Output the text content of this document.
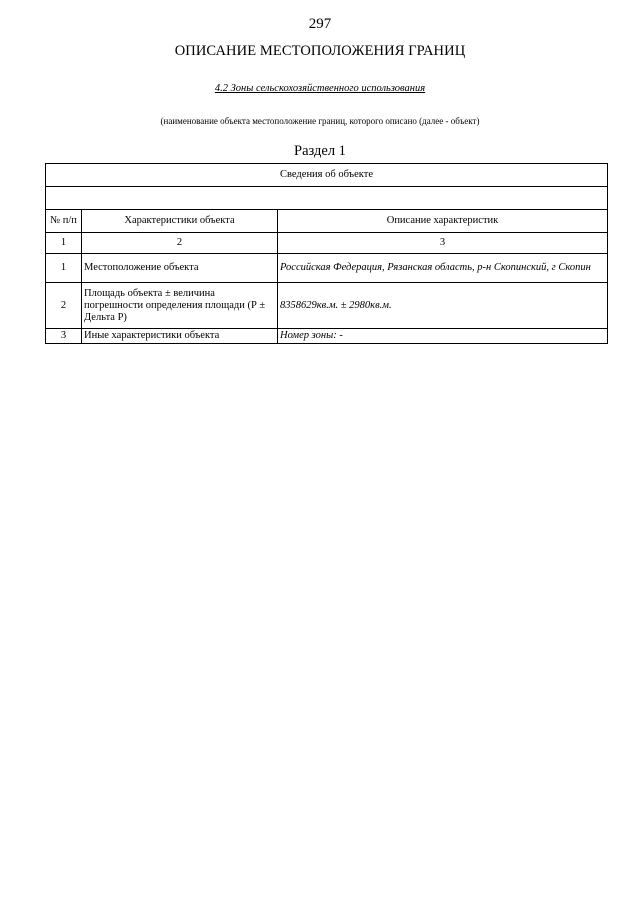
297
ОПИСАНИЕ МЕСТОПОЛОЖЕНИЯ ГРАНИЦ
4.2 Зоны сельскохозяйственного использования
(наименование объекта местоположение границ, которого описано (далее - объект)
Раздел 1
Сведения об объекте		

№ п/п	Характеристики объекта	Описание характеристик
1	2	3
1	Местоположение объекта	Российская Федерация, Рязанская область, р-н Скопинский, г Скопин
2	Площадь объекта ± величина погрешности определения площади (Р ± Дельта Р)	8358629кв.м. ± 2980кв.м.
3	Иные характеристики объекта	Номер зоны: -
